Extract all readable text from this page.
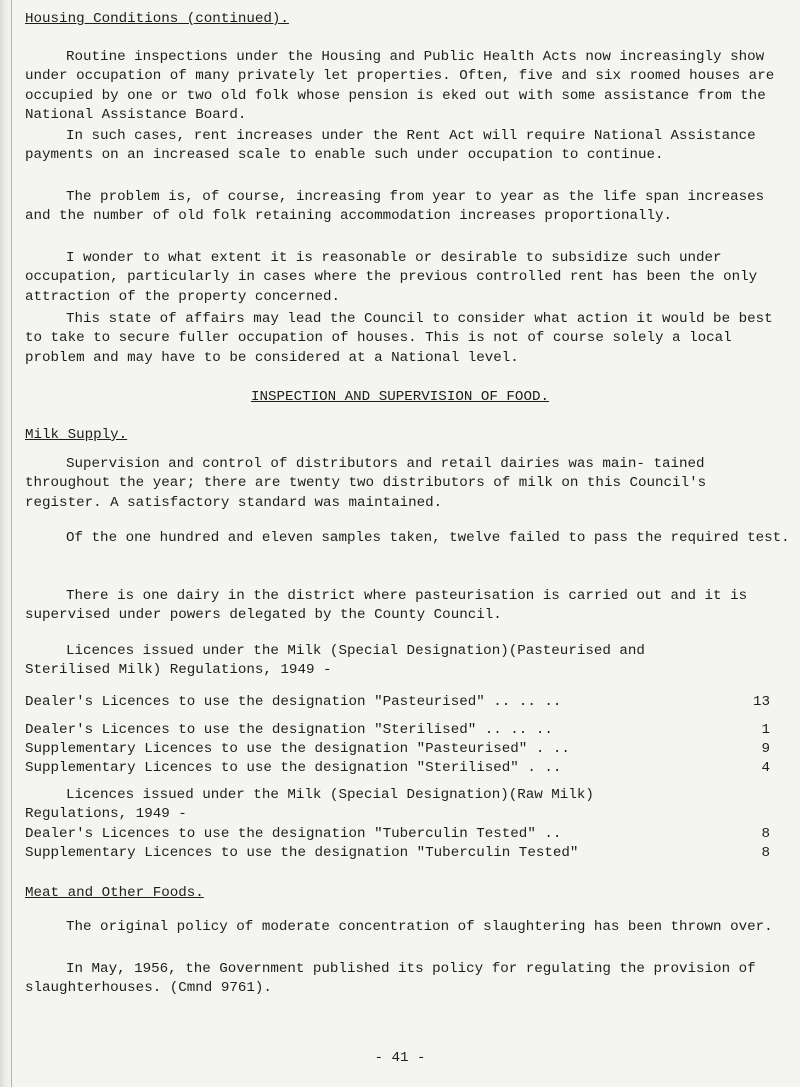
Housing Conditions (continued).

Routine inspections under the Housing and Public Health Acts now increasingly show under occupation of many privately let properties. Often, five and six roomed houses are occupied by one or two old folk whose pension is eked out with some assistance from the National Assistance Board.

In such cases, rent increases under the Rent Act will require National Assistance payments on an increased scale to enable such under occupation to continue.

The problem is, of course, increasing from year to year as the life span increases and the number of old folk retaining accommodation increases proportionally.

I wonder to what extent it is reasonable or desirable to subsidize such under occupation, particularly in cases where the previous controlled rent has been the only attraction of the property concerned.

This state of affairs may lead the Council to consider what action it would be best to take to secure fuller occupation of houses. This is not of course solely a local problem and may have to be considered at a National level.

INSPECTION AND SUPERVISION OF FOOD.
Milk Supply.

Supervision and control of distributors and retail dairies was main- tained throughout the year; there are twenty two distributors of milk on this Council's register. A satisfactory standard was maintained.

Of the one hundred and eleven samples taken, twelve failed to pass the required test.

There is one dairy in the district where pasteurisation is carried out and it is supervised under powers delegated by the County Council.

Licences issued under the Milk (Special Designation)(Pasteurised and
Sterilised Milk) Regulations, 1949 -

Dealer's Licences to use the designation "Pasteurised" .. .. ..	13
Dealer's Licences to use the designation "Sterilised" .. .. ..	1
Supplementary Licences to use the designation "Pasteurised" . ..	9
Supplementary Licences to use the designation "Sterilised" . ..	4

Licences issued under the Milk (Special Designation)(Raw Milk)
Regulations, 1949 -

Dealer's Licences to use the designation "Tuberculin Tested" ..	8
Supplementary Licences to use the designation "Tuberculin Tested"	8
Meat and Other Foods.

The original policy of moderate concentration of slaughtering has been thrown over.

In May, 1956, the Government published its policy for regulating the provision of slaughterhouses. (Cmnd 9761).

- 41 -
